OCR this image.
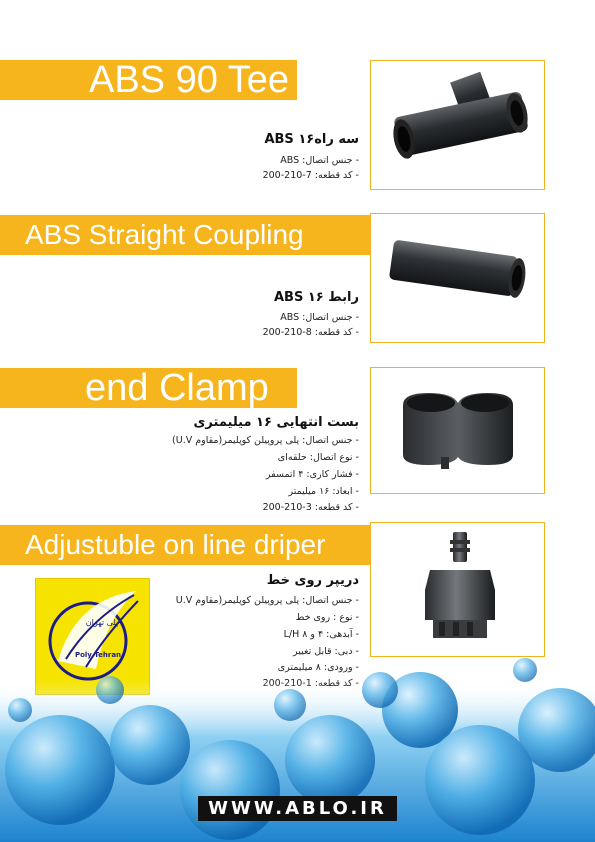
ABS 90 Tee
سه راه۱۶ ABS
- جنس اتصال: ABS
- کد قطعه: 7-210-200
ABS Straight Coupling
رابط ۱۶ ABS
- جنس اتصال: ABS
- کد قطعه: 8-210-200
end Clamp
بست انتهایی ۱۶ میلیمتری
- جنس اتصال: پلی پروپیلن کوپلیمر(مقاوم U.V)
- نوع اتصال: حلقه‌ای
- فشار کاری: ۴ اتمسفر
- ابعاد: ۱۶ میلیمتر
- کد قطعه: 3-210-200
Adjustuble on line driper
دریپر روی خط
- جنس اتصال: پلی پروپیلن کوپلیمر(مقاوم U.V
- نوع : روی خط
- آبدهی: ۴ و ۸ L/H
- دبی: قابل تغییر
- ورودی: ۸ میلیمتری
پلی تهران
Poly Tehran
WWW.ABLO.IR
